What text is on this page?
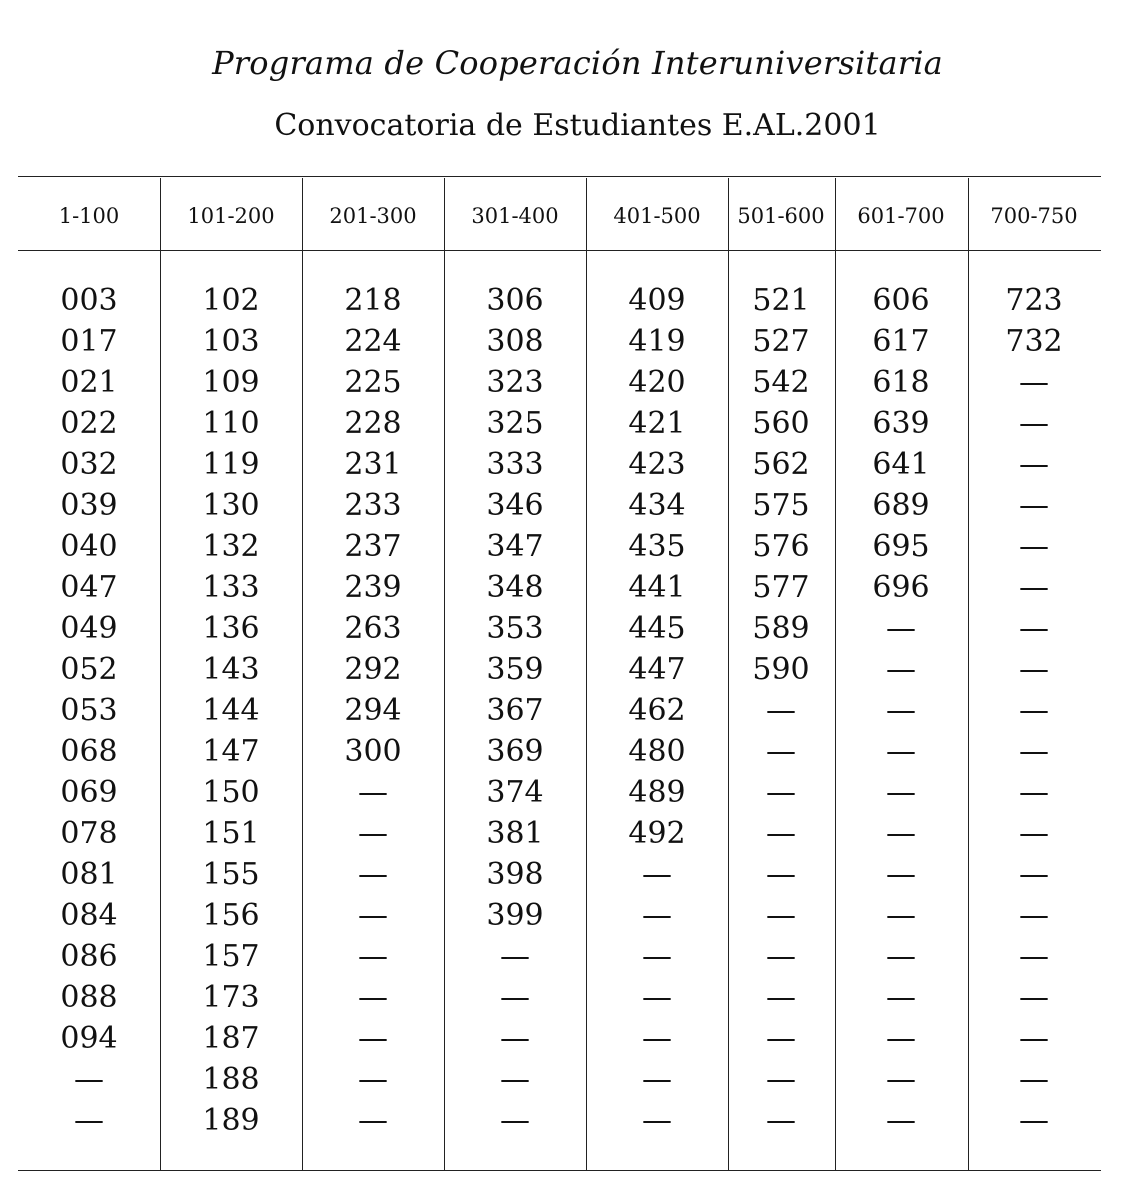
Programa de Cooperación Interuniversitaria
Convocatoria de Estudiantes E.AL.2001
1-100
003
017
021
022
032
039
040
047
049
052
053
068
069
078
081
084
086
088
094
—
—
101-200
102
103
109
110
119
130
132
133
136
143
144
147
150
151
155
156
157
173
187
188
189
201-300
218
224
225
228
231
233
237
239
263
292
294
300
—
—
—
—
—
—
—
—
—
301-400
306
308
323
325
333
346
347
348
353
359
367
369
374
381
398
399
—
—
—
—
—
401-500
409
419
420
421
423
434
435
441
445
447
462
480
489
492
—
—
—
—
—
—
—
501-600
521
527
542
560
562
575
576
577
589
590
—
—
—
—
—
—
—
—
—
—
—
601-700
606
617
618
639
641
689
695
696
—
—
—
—
—
—
—
—
—
—
—
—
—
700-750
723
732
—
—
—
—
—
—
—
—
—
—
—
—
—
—
—
—
—
—
—
